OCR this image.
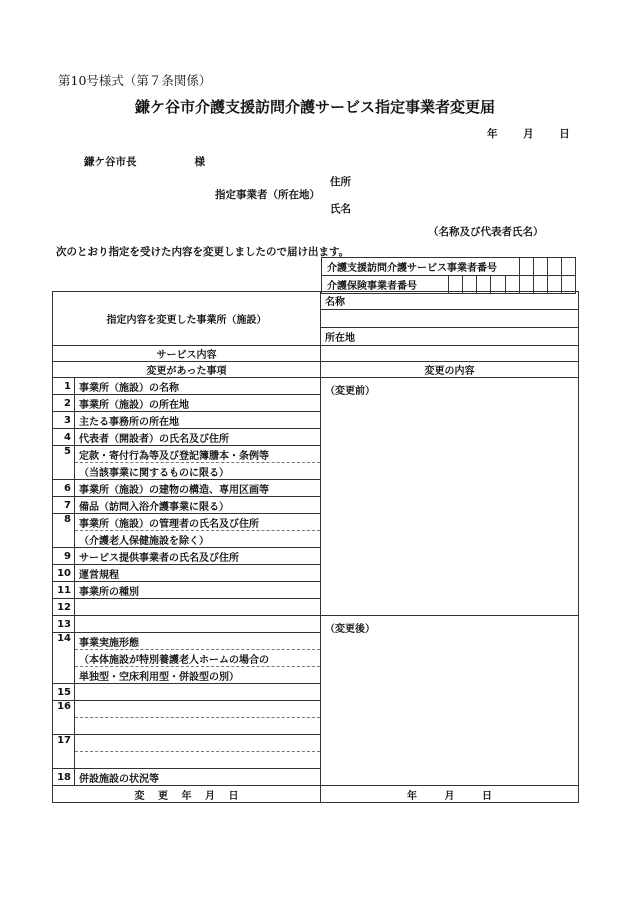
第10号様式（第７条関係）
鎌ケ谷市介護支援訪問介護サービス指定事業者変更届
年 月 日
鎌ケ谷市長	様
住所
指定事業者（所在地）
氏名
（名称及び代表者氏名）
次のとおり指定を受けた内容を変更しましたので届け出ます。
介護支援訪問介護サービス事業者番号									
介護保険事業者番号									
指定内容を変更した事業所（施設）		名称

		所在地
サービス内容		
変更があった事項		変更の内容
1	事業所（施設）の名称	（変更前）
2	事業所（施設）の所在地	
3	主たる事務所の所在地	
4	代表者（開設者）の氏名及び住所	
5	定款・寄付行為等及び登記簿謄本・条例等	
	（当該事業に関するものに限る）	
6	事業所（施設）の建物の構造、専用区画等	
7	備品（訪問入浴介護事業に限る）	
8	事業所（施設）の管理者の氏名及び住所	
	（介護老人保健施設を除く）	
9	サービス提供事業者の氏名及び住所	
10	運営規程	
11	事業所の種別	
12		
13		（変更後）
14	事業実施形態	
	（本体施設が特別養護老人ホームの場合の	
	単独型・空床利用型・併設型の別）	
15		
16		

17		

18	併設施設の状況等	
変 更 年 月 日		年 月 日
